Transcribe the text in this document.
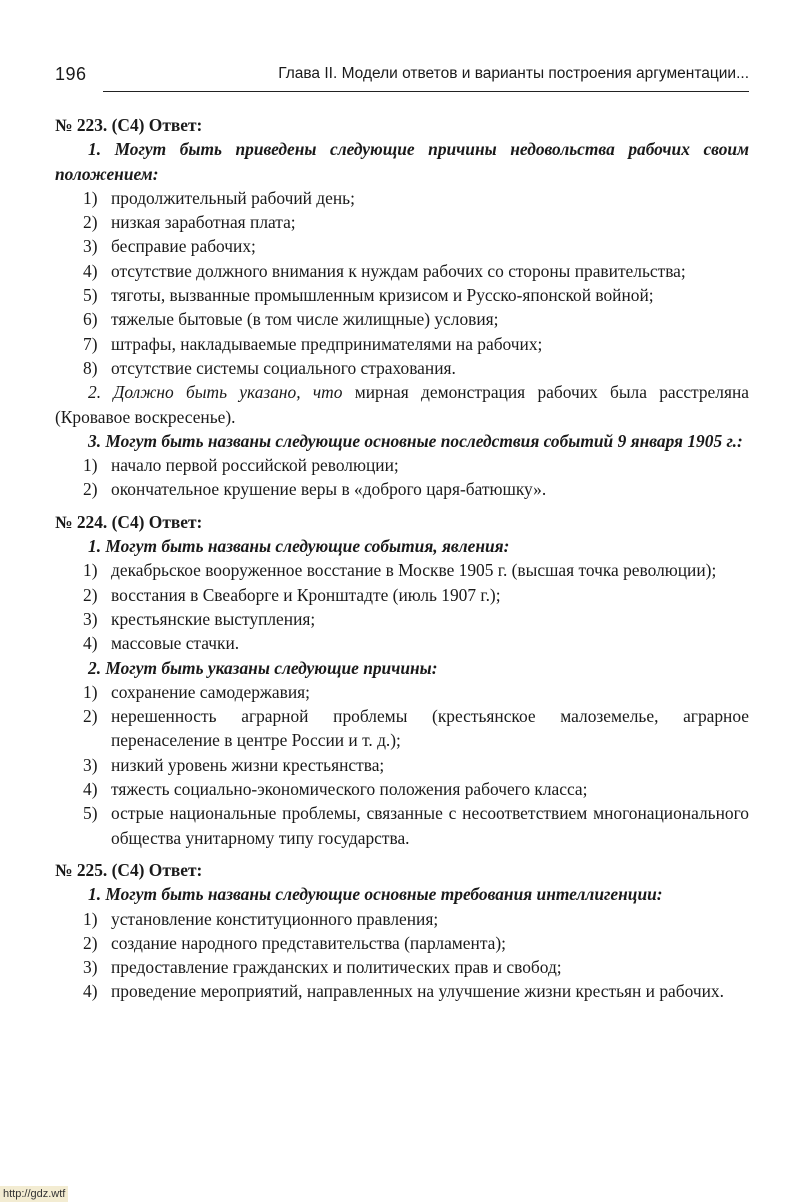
196	Глава II. Модели ответов и варианты построения аргументации...

№ 223. (С4) Ответ:

1. Могут быть приведены следующие причины недовольства рабочих своим положением:

1) продолжительный рабочий день;

2) низкая заработная плата;

3) бесправие рабочих;

4) отсутствие должного внимания к нуждам рабочих со стороны правительства;

5) тяготы, вызванные промышленным кризисом и Русско-японской войной;

6) тяжелые бытовые (в том числе жилищные) условия;

7) штрафы, накладываемые предпринимателями на рабочих;

8) отсутствие системы социального страхования.

2. Должно быть указано, что мирная демонстрация рабочих была расстреляна (Кровавое воскресенье).

3. Могут быть названы следующие основные последствия событий 9 января 1905 г.:

1) начало первой российской революции;

2) окончательное крушение веры в «доброго царя-батюшку».

№ 224. (С4) Ответ:

1. Могут быть названы следующие события, явления:

1) декабрьское вооруженное восстание в Москве 1905 г. (высшая точка революции);

2) восстания в Свеаборге и Кронштадте (июль 1907 г.);

3) крестьянские выступления;

4) массовые стачки.

2. Могут быть указаны следующие причины:

1) сохранение самодержавия;

2) нерешенность аграрной проблемы (крестьянское малоземелье, аграрное перенаселение в центре России и т. д.);

3) низкий уровень жизни крестьянства;

4) тяжесть социально-экономического положения рабочего класса;

5) острые национальные проблемы, связанные с несоответствием многонационального общества унитарному типу государства.

№ 225. (С4) Ответ:

1. Могут быть названы следующие основные требования интеллигенции:

1) установление конституционного правления;

2) создание народного представительства (парламента);

3) предоставление гражданских и политических прав и свобод;

4) проведение мероприятий, направленных на улучшение жизни крестьян и рабочих.

http://gdz.wtf
